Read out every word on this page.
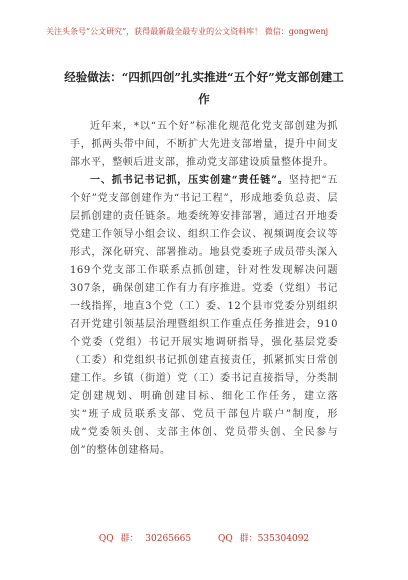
关注头条号“公文研究”，获得最新最全最专业的公文资料库！ 微信：gongwenj
经验做法：“四抓四创”扎实推进“五个好”党支部创建工作

近年来，*以“五个好”标准化规范化党支部创建为抓手，抓两头带中间，不断扩大先进支部增量，提升中间支部水平，整顿后进支部，推动党支部建设质量整体提升。

一、抓书记书记抓，压实创建“责任链”。坚持把“五个好”党支部创建作为“书记工程”，形成地委负总责、层层抓创建的责任链条。地委统筹安排部署，通过召开地委党建工作领导小组会议、组织工作会议、视频调度会议等形式，深化研究、部署推动。地县党委班子成员带头深入169个党支部工作联系点抓创建，针对性发现解决问题307条，确保创建工作有力有序推进。党委（党组）书记一线指挥，地直3个党（工）委、12个县市党委分别组织召开党建引领基层治理暨组织工作重点任务推进会，910个党委（党组）书记开展实地调研指导，强化基层党委（工委）和党组织书记抓创建直接责任，抓紧抓实日常创建工作。乡镇（街道）党（工）委书记直接指导，分类制定创建规划、明确创建目标、细化工作任务，建立落实“班子成员联系支部、党员干部包片联户”制度，形成“党委领头创、支部主体创、党员带头创、全民参与创”的整体创建格局。

QQ 群： 30265665	QQ 群：535304092
